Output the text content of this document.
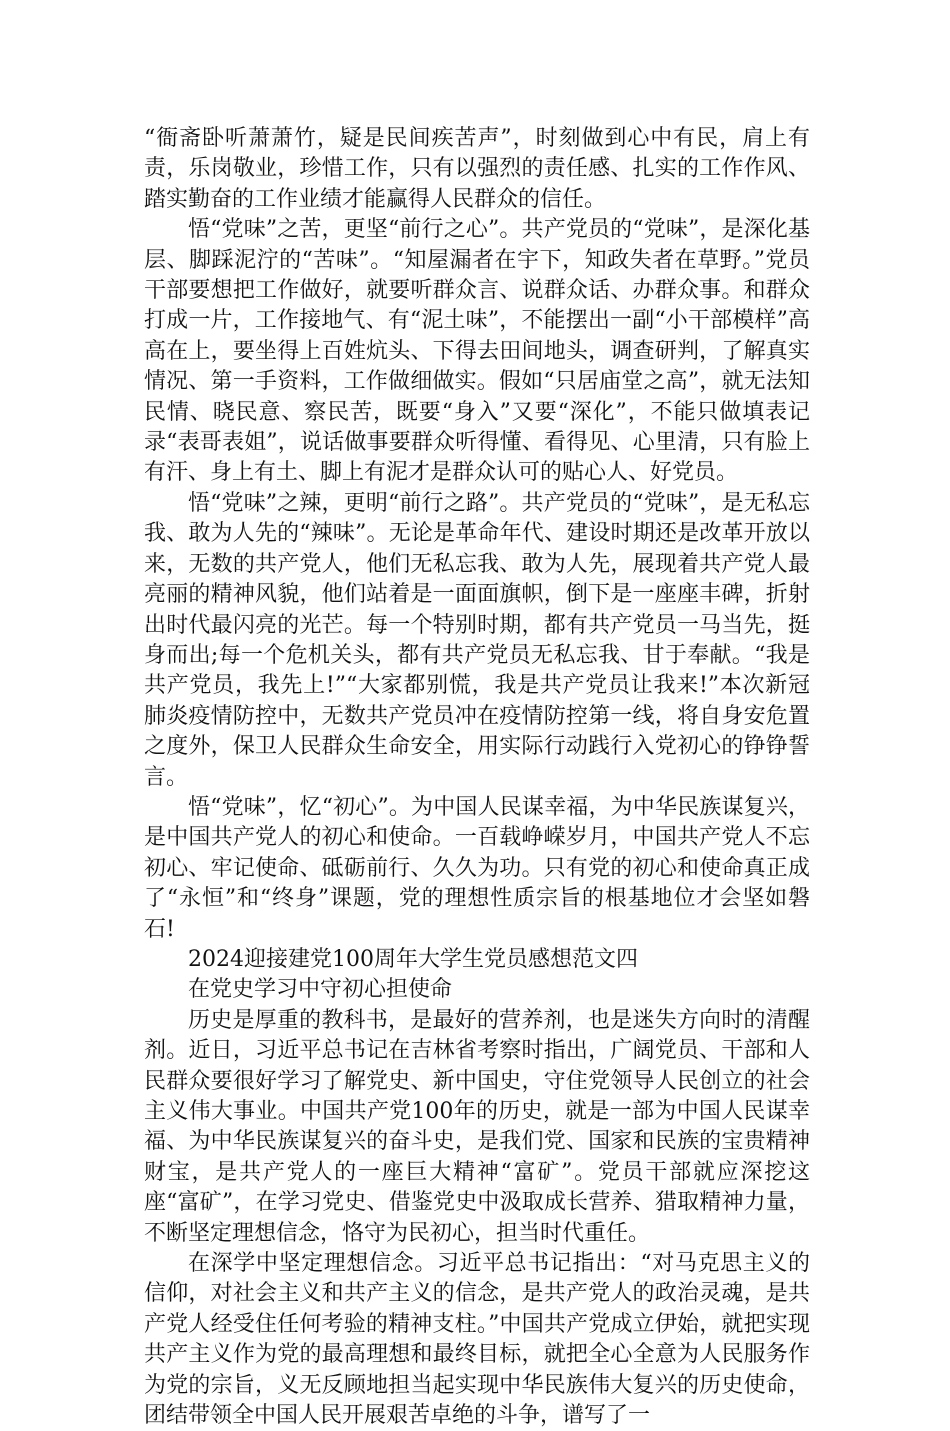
“衙斋卧听萧萧竹，疑是民间疾苦声”，时刻做到心中有民，肩上有责，乐岗敬业，珍惜工作，只有以强烈的责任感、扎实的工作作风、踏实勤奋的工作业绩才能赢得人民群众的信任。

悟“党味”之苦，更坚“前行之心”。共产党员的“党味”，是深化基层、脚踩泥泞的“苦味”。“知屋漏者在宇下，知政失者在草野。”党员干部要想把工作做好，就要听群众言、说群众话、办群众事。和群众打成一片，工作接地气、有“泥土味”，不能摆出一副“小干部模样”高高在上，要坐得上百姓炕头、下得去田间地头，调查研判，了解真实情况、第一手资料，工作做细做实。假如“只居庙堂之高”，就无法知民情、晓民意、察民苦，既要“身入”又要“深化”，不能只做填表记录“表哥表姐”，说话做事要群众听得懂、看得见、心里清，只有脸上有汗、身上有土、脚上有泥才是群众认可的贴心人、好党员。

悟“党味”之辣，更明“前行之路”。共产党员的“党味”，是无私忘我、敢为人先的“辣味”。无论是革命年代、建设时期还是改革开放以来，无数的共产党人，他们无私忘我、敢为人先，展现着共产党人最亮丽的精神风貌，他们站着是一面面旗帜，倒下是一座座丰碑，折射出时代最闪亮的光芒。每一个特别时期，都有共产党员一马当先，挺身而出;每一个危机关头，都有共产党员无私忘我、甘于奉献。“我是共产党员，我先上!”“大家都别慌，我是共产党员让我来!”本次新冠肺炎疫情防控中，无数共产党员冲在疫情防控第一线，将自身安危置之度外，保卫人民群众生命安全，用实际行动践行入党初心的铮铮誓言。

悟“党味”，忆“初心”。为中国人民谋幸福，为中华民族谋复兴，是中国共产党人的初心和使命。一百载峥嵘岁月，中国共产党人不忘初心、牢记使命、砥砺前行、久久为功。只有党的初心和使命真正成了“永恒”和“终身”课题，党的理想性质宗旨的根基地位才会坚如磐石!

2024迎接建党100周年大学生党员感想范文四

在党史学习中守初心担使命

历史是厚重的教科书，是最好的营养剂，也是迷失方向时的清醒剂。近日，习近平总书记在吉林省考察时指出，广阔党员、干部和人民群众要很好学习了解党史、新中国史，守住党领导人民创立的社会主义伟大事业。中国共产党100年的历史，就是一部为中国人民谋幸福、为中华民族谋复兴的奋斗史，是我们党、国家和民族的宝贵精神财宝，是共产党人的一座巨大精神“富矿”。党员干部就应深挖这座“富矿”，在学习党史、借鉴党史中汲取成长营养、猎取精神力量，不断坚定理想信念，恪守为民初心，担当时代重任。

在深学中坚定理想信念。习近平总书记指出：“对马克思主义的信仰，对社会主义和共产主义的信念，是共产党人的政治灵魂，是共产党人经受住任何考验的精神支柱。”中国共产党成立伊始，就把实现共产主义作为党的最高理想和最终目标，就把全心全意为人民服务作为党的宗旨，义无反顾地担当起实现中华民族伟大复兴的历史使命，团结带领全中国人民开展艰苦卓绝的斗争，谱写了一
